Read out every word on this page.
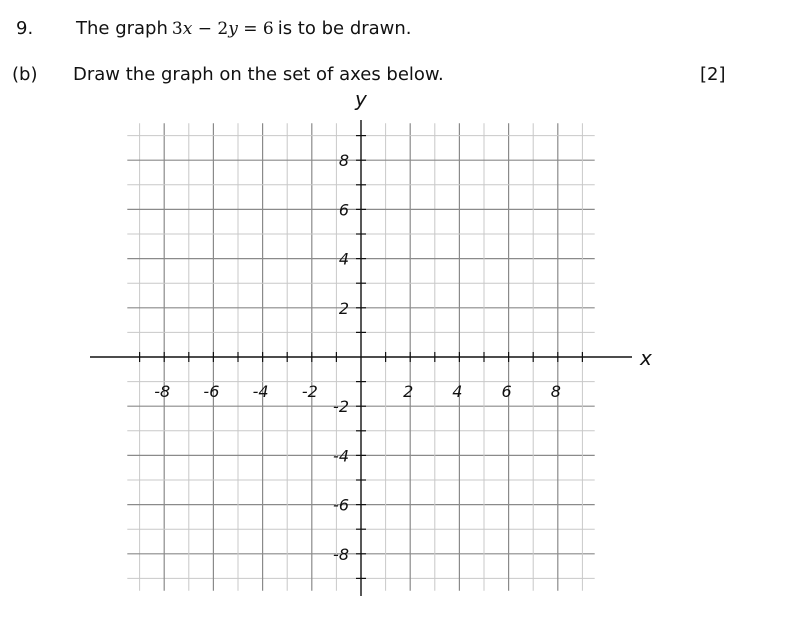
9. The graph 3x − 2y = 6 is to be drawn.
(b) Draw the graph on the set of axes below.	[2]
-8 -6 -4 -2	2 4 6 8
8
6
4
2
-2
-4
-6
-8
x
y
